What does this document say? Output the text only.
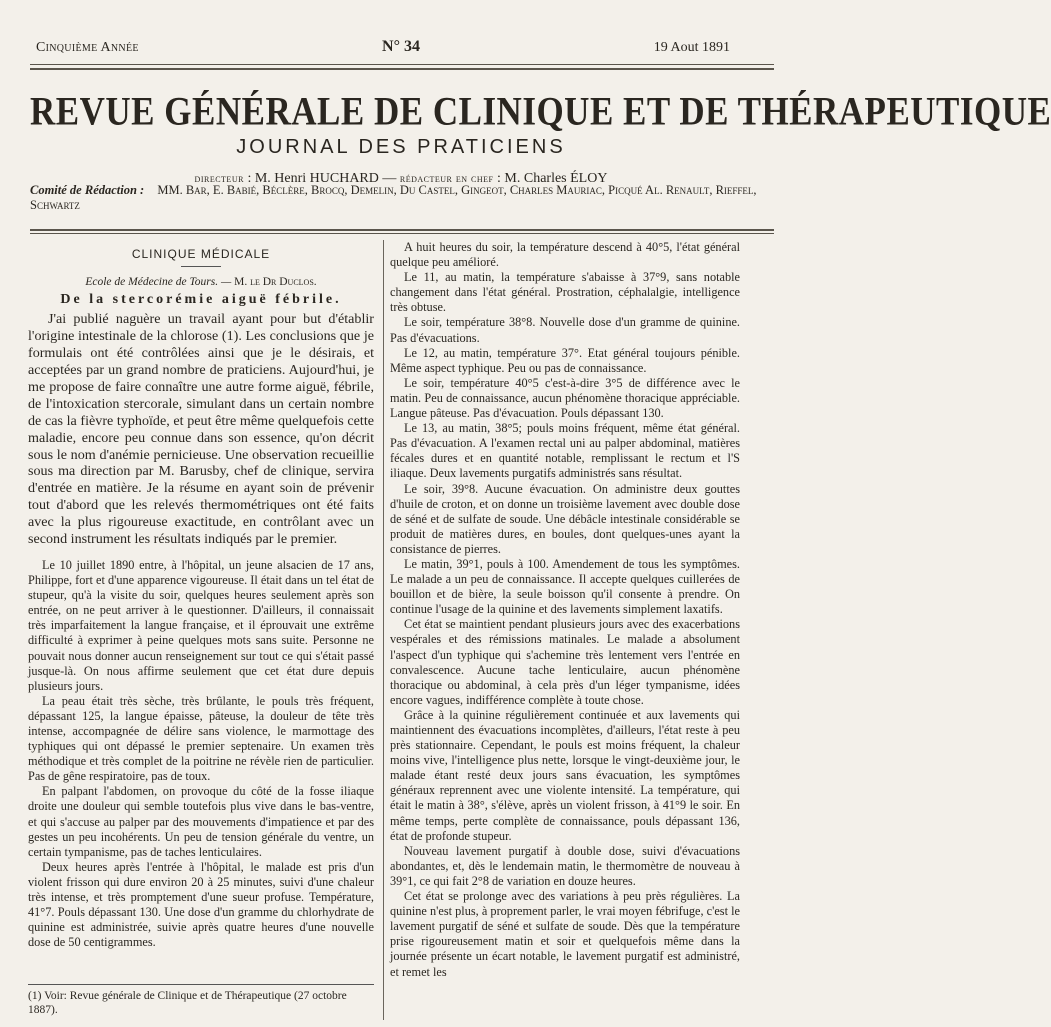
Cinquième Année	N° 34	19 Aout 1891
REVUE GÉNÉRALE DE CLINIQUE ET DE THÉRAPEUTIQUE
JOURNAL DES PRATICIENS
directeur : M. Henri HUCHARD — rédacteur en chef : M. Charles ÉLOY
Comité de Rédaction : MM. Bar, E. Babié, Béclère, Brocq, Demelin, Du Castel, Gingeot, Charles Mauriac, Picqué Al. Renault, Rieffel, Schwartz
CLINIQUE MÉDICALE
Ecole de Médecine de Tours. — M. le Dr Duclos.
De la stercorémie aiguë fébrile.

J'ai publié naguère un travail ayant pour but d'établir l'origine intestinale de la chlorose (1). Les conclusions que je formulais ont été contrôlées ainsi que je le désirais, et acceptées par un grand nombre de praticiens. Aujourd'hui, je me propose de faire connaître une autre forme aiguë, fébrile, de l'intoxication stercorale, simulant dans un certain nombre de cas la fièvre typhoïde, et peut être même quelquefois cette maladie, encore peu connue dans son essence, qu'on décrit sous le nom d'anémie pernicieuse. Une observation recueillie sous ma direction par M. Barusby, chef de clinique, servira d'entrée en matière. Je la résume en ayant soin de prévenir tout d'abord que les relevés thermométriques ont été faits avec la plus rigoureuse exactitude, en contrôlant avec un second instrument les résultats indiqués par le premier.

Le 10 juillet 1890 entre, à l'hôpital, un jeune alsacien de 17 ans, Philippe, fort et d'une apparence vigoureuse. Il était dans un tel état de stupeur, qu'à la visite du soir, quelques heures seulement après son entrée, on ne peut arriver à le questionner. D'ailleurs, il connaissait très imparfaitement la langue française, et il éprouvait une extrême difficulté à exprimer à peine quelques mots sans suite. Personne ne pouvait nous donner aucun renseignement sur tout ce qui s'était passé jusque-là. On nous affirme seulement que cet état dure depuis plusieurs jours.

La peau était très sèche, très brûlante, le pouls très fréquent, dépassant 125, la langue épaisse, pâteuse, la douleur de tête très intense, accompagnée de délire sans violence, le marmottage des typhiques qui ont dépassé le premier septenaire. Un examen très méthodique et très complet de la poitrine ne révèle rien de particulier. Pas de gêne respiratoire, pas de toux.

En palpant l'abdomen, on provoque du côté de la fosse iliaque droite une douleur qui semble toutefois plus vive dans le bas-ventre, et qui s'accuse au palper par des mouvements d'impatience et par des gestes un peu incohérents. Un peu de tension générale du ventre, un certain tympanisme, pas de taches lenticulaires.

Deux heures après l'entrée à l'hôpital, le malade est pris d'un violent frisson qui dure environ 20 à 25 minutes, suivi d'une chaleur très intense, et très promptement d'une sueur profuse. Température, 41°7. Pouls dépassant 130. Une dose d'un gramme du chlorhydrate de quinine est administrée, suivie après quatre heures d'une nouvelle dose de 50 centigrammes.

(1) Voir: Revue générale de Clinique et de Thérapeutique (27 octobre 1887).

A huit heures du soir, la température descend à 40°5, l'état général quelque peu amélioré.

Le 11, au matin, la température s'abaisse à 37°9, sans notable changement dans l'état général. Prostration, céphalalgie, intelligence très obtuse.

Le soir, température 38°8. Nouvelle dose d'un gramme de quinine. Pas d'évacuations.

Le 12, au matin, température 37°. Etat général toujours pénible. Même aspect typhique. Peu ou pas de connaissance.

Le soir, température 40°5 c'est-à-dire 3°5 de différence avec le matin. Peu de connaissance, aucun phénomène thoracique appréciable. Langue pâteuse. Pas d'évacuation. Pouls dépassant 130.

Le 13, au matin, 38°5; pouls moins fréquent, même état général. Pas d'évacuation. A l'examen rectal uni au palper abdominal, matières fécales dures et en quantité notable, remplissant le rectum et l'S iliaque. Deux lavements purgatifs administrés sans résultat.

Le soir, 39°8. Aucune évacuation. On administre deux gouttes d'huile de croton, et on donne un troisième lavement avec double dose de séné et de sulfate de soude. Une débâcle intestinale considérable se produit de matières dures, en boules, dont quelques-unes ayant la consistance de pierres.

Le matin, 39°1, pouls à 100. Amendement de tous les symptômes. Le malade a un peu de connaissance. Il accepte quelques cuillerées de bouillon et de bière, la seule boisson qu'il consente à prendre. On continue l'usage de la quinine et des lavements simplement laxatifs.

Cet état se maintient pendant plusieurs jours avec des exacerbations vespérales et des rémissions matinales. Le malade a absolument l'aspect d'un typhique qui s'achemine très lentement vers l'entrée en convalescence. Aucune tache lenticulaire, aucun phénomène thoracique ou abdominal, à cela près d'un léger tympanisme, idées encore vagues, indifférence complète à toute chose.

Grâce à la quinine régulièrement continuée et aux lavements qui maintiennent des évacuations incomplètes, d'ailleurs, l'état reste à peu près stationnaire. Cependant, le pouls est moins fréquent, la chaleur moins vive, l'intelligence plus nette, lorsque le vingt-deuxième jour, le malade étant resté deux jours sans évacuation, les symptômes généraux reprennent avec une violente intensité. La température, qui était le matin à 38°, s'élève, après un violent frisson, à 41°9 le soir. En même temps, perte complète de connaissance, pouls dépassant 136, état de profonde stupeur.

Nouveau lavement purgatif à double dose, suivi d'évacuations abondantes, et, dès le lendemain matin, le thermomètre de nouveau à 39°1, ce qui fait 2°8 de variation en douze heures.

Cet état se prolonge avec des variations à peu près régulières. La quinine n'est plus, à proprement parler, le vrai moyen fébrifuge, c'est le lavement purgatif de séné et sulfate de soude. Dès que la température prise rigoureusement matin et soir et quelquefois même dans la journée présente un écart notable, le lavement purgatif est administré, et remet les
